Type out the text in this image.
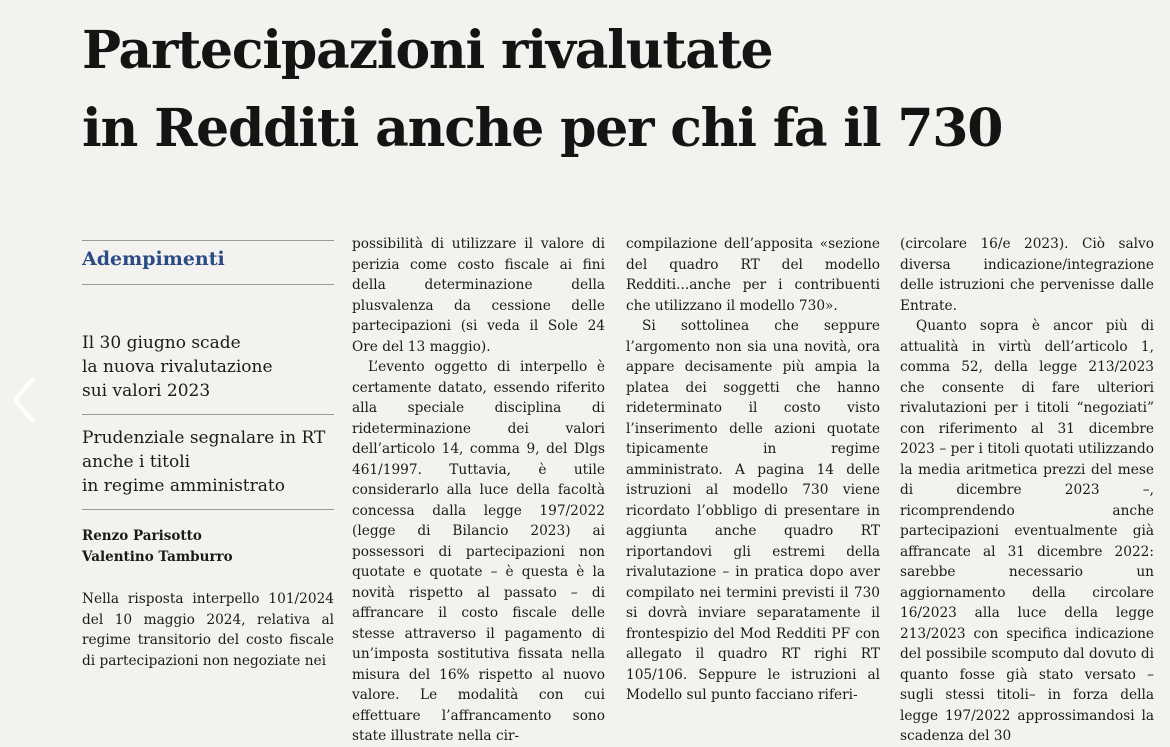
Partecipazioni rivalutate
in Redditi anche per chi fa il 730
Adempimenti

Il 30 giugno scade
la nuova rivalutazione
sui valori 2023

Prudenziale segnalare in RT
anche i titoli
in regime amministrato

Renzo Parisotto
Valentino Tamburro

Nella risposta interpello 101/2024 del 10 maggio 2024, relativa al regime transitorio del costo fiscale di partecipazioni non negoziate nei

possibilità di utilizzare il valore di perizia come costo fiscale ai fini della determinazione della plusvalenza da cessione delle partecipazioni (si veda il Sole 24 Ore del 13 maggio).

L’evento oggetto di interpello è certamente datato, essendo riferito alla speciale disciplina di rideterminazione dei valori dell’articolo 14, comma 9, del Dlgs 461/1997. Tuttavia, è utile considerarlo alla luce della facoltà concessa dalla legge 197/2022 (legge di Bilancio 2023) ai possessori di partecipazioni non quotate e quotate – è questa è la novità rispetto al passato – di affrancare il costo fiscale delle stesse attraverso il pagamento di un’imposta sostitutiva fissata nella misura del 16% rispetto al nuovo valore. Le modalità con cui effettuare l’affrancamento sono state illustrate nella cir-

compilazione dell’apposita «sezione del quadro RT del modello Redditi...anche per i contribuenti che utilizzano il modello 730».

Si sottolinea che seppure l’argomento non sia una novità, ora appare decisamente più ampia la platea dei soggetti che hanno rideterminato il costo visto l’inserimento delle azioni quotate tipicamente in regime amministrato. A pagina 14 delle istruzioni al modello 730 viene ricordato l’obbligo di presentare in aggiunta anche quadro RT riportandovi gli estremi della rivalutazione – in pratica dopo aver compilato nei termini previsti il 730 si dovrà inviare separatamente il frontespizio del Mod Redditi PF con allegato il quadro RT righi RT 105/106. Seppure le istruzioni al Modello sul punto facciano riferi-

(circolare 16/e 2023). Ciò salvo diversa indicazione/integrazione delle istruzioni che pervenisse dalle Entrate.

Quanto sopra è ancor più di attualità in virtù dell’articolo 1, comma 52, della legge 213/2023 che consente di fare ulteriori rivalutazioni per i titoli “negoziati” con riferimento al 31 dicembre 2023 – per i titoli quotati utilizzando la media aritmetica prezzi del mese di dicembre 2023 –, ricomprendendo anche partecipazioni eventualmente già affrancate al 31 dicembre 2022: sarebbe necessario un aggiornamento della circolare 16/2023 alla luce della legge 213/2023 con specifica indicazione del possibile scomputo dal dovuto di quanto fosse già stato versato – sugli stessi titoli– in forza della legge 197/2022 approssimandosi la scadenza del 30
